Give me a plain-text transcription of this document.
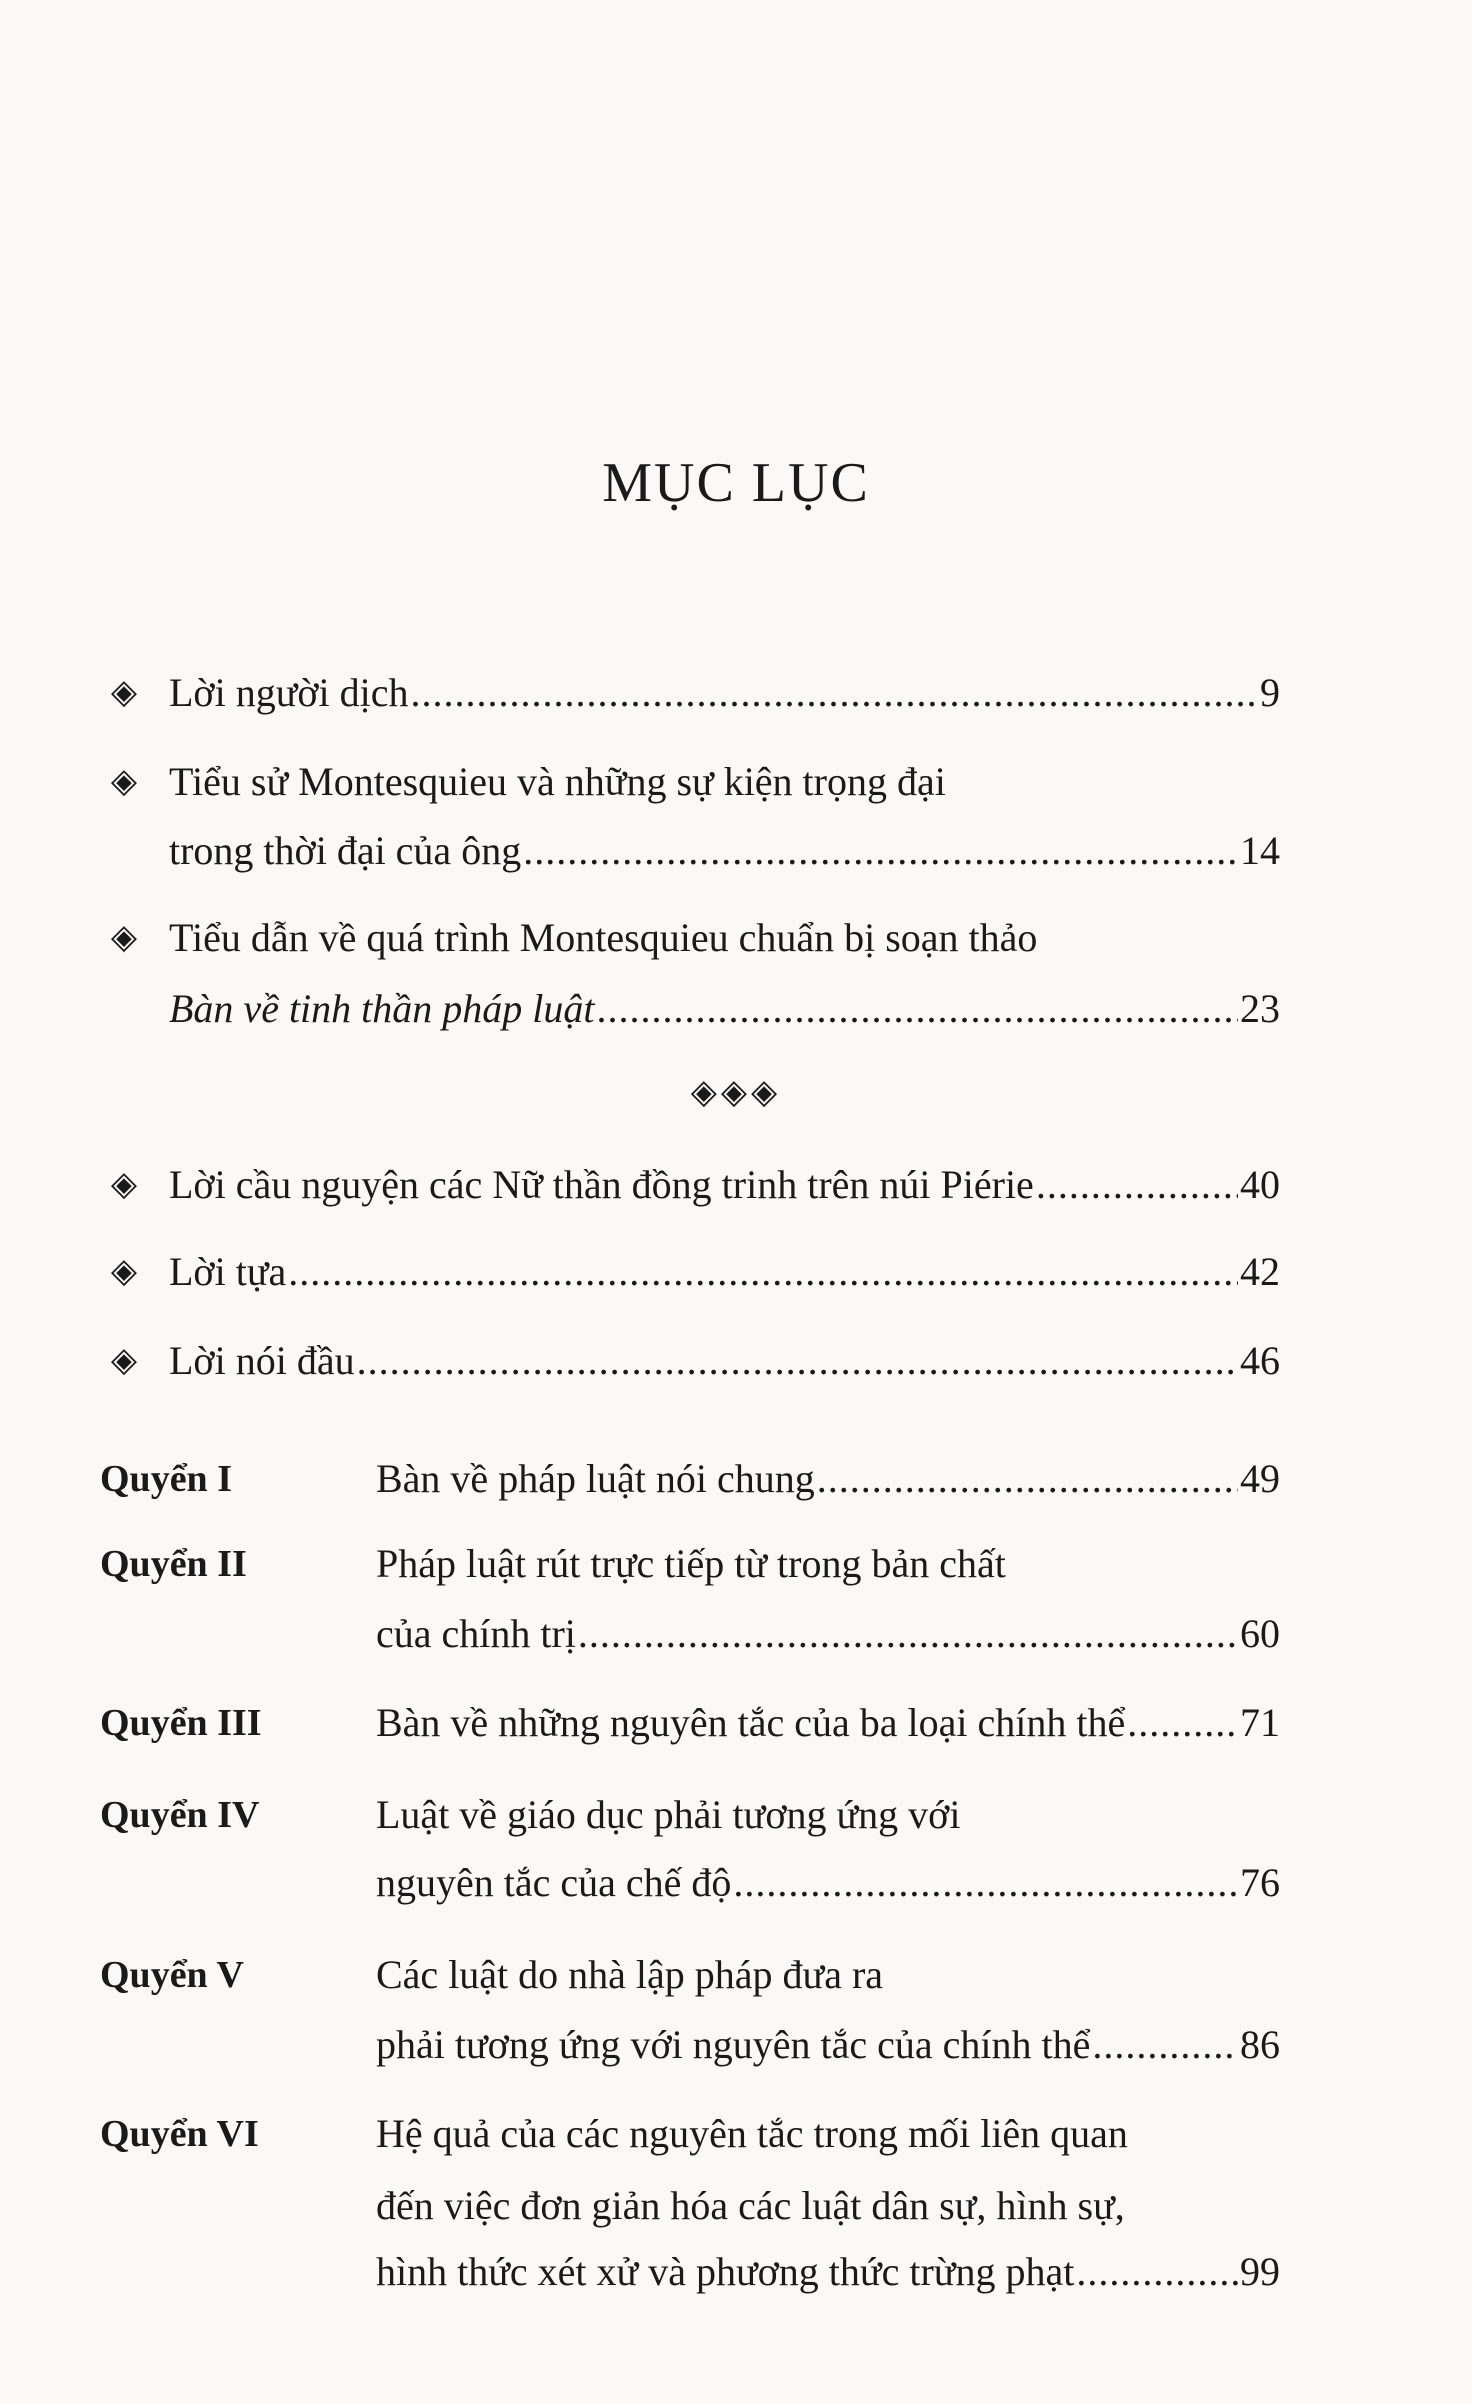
MỤC LỤC
◈ Lời người dịch .....	9
◈ Tiểu sử Montesquieu và những sự kiện trọng đại
trong thời đại của ông .....	14
◈ Tiểu dẫn về quá trình Montesquieu chuẩn bị soạn thảo
Bàn về tinh thần pháp luật .....	23
◈◈◈
◈ Lời cầu nguyện các Nữ thần đồng trinh trên núi Piérie .....	40
◈ Lời tựa .....	42
◈ Lời nói đầu .....	46
Quyển I	Bàn về pháp luật nói chung .....	49
Quyển II	Pháp luật rút trực tiếp từ trong bản chất
của chính trị .....	60
Quyển III	Bàn về những nguyên tắc của ba loại chính thể .....	71
Quyển IV	Luật về giáo dục phải tương ứng với
nguyên tắc của chế độ .....	76
Quyển V	Các luật do nhà lập pháp đưa ra
phải tương ứng với nguyên tắc của chính thể .....	86
Quyển VI	Hệ quả của các nguyên tắc trong mối liên quan
đến việc đơn giản hóa các luật dân sự, hình sự,
hình thức xét xử và phương thức trừng phạt .....	99
